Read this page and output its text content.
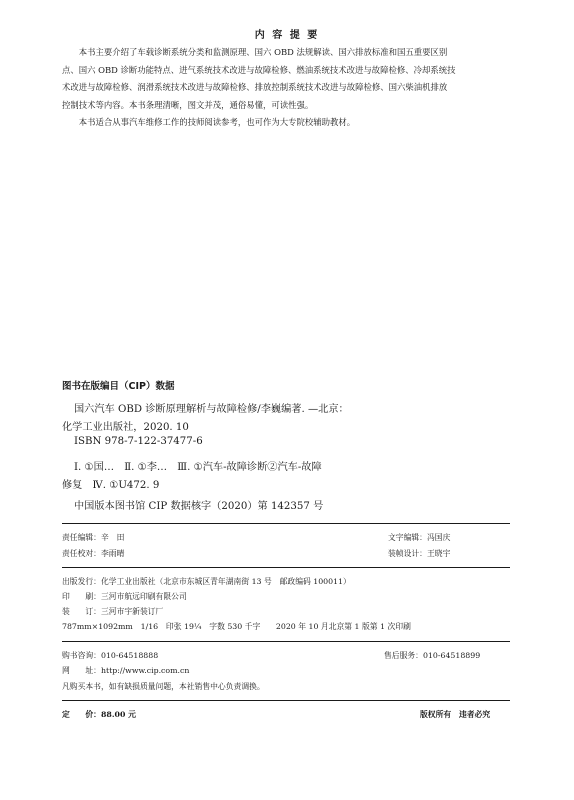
内 容 提 要
本书主要介绍了车载诊断系统分类和监测原理、国六 OBD 法规解读、国六排放标准和国五重要区别
点、国六 OBD 诊断功能特点、进气系统技术改进与故障检修、燃油系统技术改进与故障检修、冷却系统技
术改进与故障检修、润滑系统技术改进与故障检修、排放控制系统技术改进与故障检修、国六柴油机排放
控制技术等内容。本书条理清晰，图文并茂，通俗易懂，可读性强。
本书适合从事汽车维修工作的技师阅读参考，也可作为大专院校辅助教材。
图书在版编目（CIP）数据
国六汽车 OBD 诊断原理解析与故障检修/李巍编著. —北京：
化学工业出版社，2020. 10
ISBN 978-7-122-37477-6
Ⅰ. ①国…　Ⅱ. ①李…　Ⅲ. ①汽车-故障诊断②汽车-故障
修复　Ⅳ. ①U472. 9
中国版本图书馆 CIP 数据核字（2020）第 142357 号
责任编辑：辛　田	文字编辑：冯国庆
责任校对：李雨晴	装帧设计：王晓宇
出版发行：化学工业出版社（北京市东城区青年湖南街 13 号　邮政编码 100011）
印　　刷：三河市航远印刷有限公司
装　　订：三河市宇新装订厂
787mm×1092mm　1/16　印张 19¼　字数 530 千字　　2020 年 10 月北京第 1 版第 1 次印刷
购书咨询：010-64518888	售后服务：010-64518899
网　　址：http://www.cip.com.cn
凡购买本书，如有缺损质量问题，本社销售中心负责调换。
定　　价：88.00 元	版权所有　违者必究
